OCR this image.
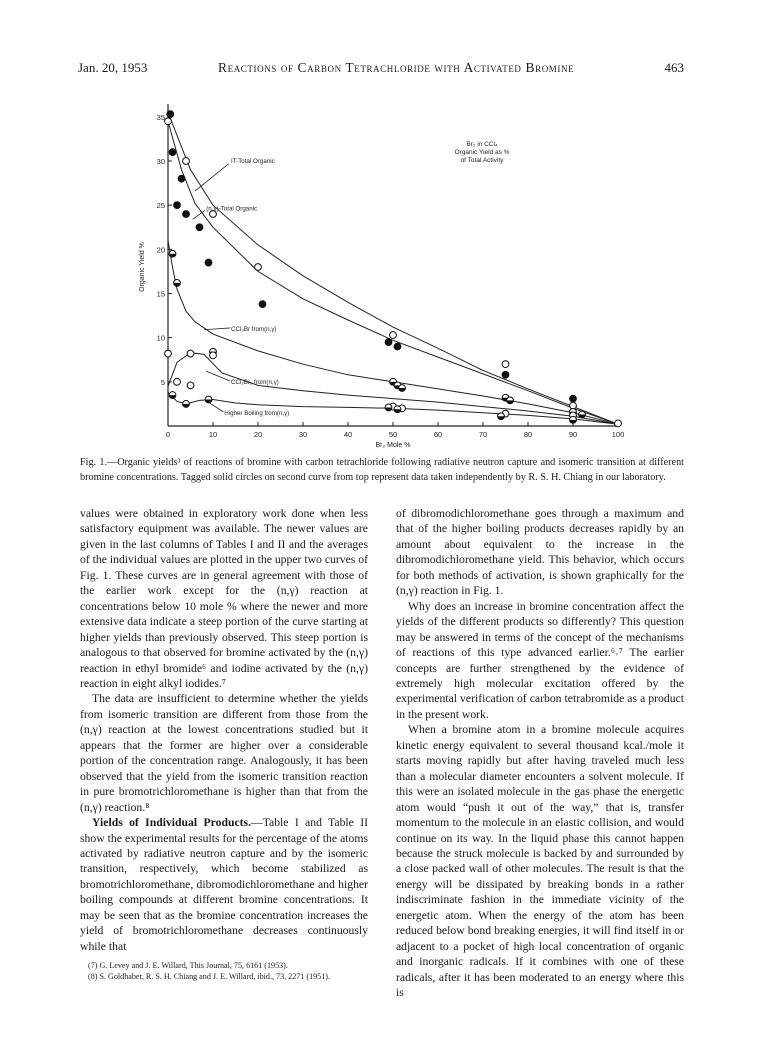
Jan. 20, 1953	Reactions of Carbon Tetrachloride with Activated Bromine	463
0	10	20	30	40	50	60	70	80	90	100
5
10
15
20
25
30
35
Br₂ Mole %
Organic Yield %
Br₂ in CCl₄
Organic Yield as %
of Total Activity
IT-Total Organic
(n,γ)-Total Organic
CCl₃Br from(n,γ)
CCl₂Br₂ from(n,γ)
Higher Boiling from(n,γ)
Fig. 1.—Organic yields³ of reactions of bromine with carbon tetrachloride following radiative neutron capture and isomeric transition at different bromine concentrations. Tagged solid circles on second curve from top represent data taken independently by R. S. H. Chiang in our laboratory.

values were obtained in exploratory work done when less satisfactory equipment was available. The newer values are given in the last columns of Tables I and II and the averages of the individual values are plotted in the upper two curves of Fig. 1. These curves are in general agreement with those of the earlier work except for the (n,γ) reaction at concentrations below 10 mole % where the newer and more extensive data indicate a steep portion of the curve starting at higher yields than previously observed. This steep portion is analogous to that observed for bromine activated by the (n,γ) reaction in ethyl bromide⁶ and iodine activated by the (n,γ) reaction in eight alkyl iodides.⁷

The data are insufficient to determine whether the yields from isomeric transition are different from those from the (n,γ) reaction at the lowest concentrations studied but it appears that the former are higher over a considerable portion of the concentration range. Analogously, it has been observed that the yield from the isomeric transition reaction in pure bromotrichloromethane is higher than that from the (n,γ) reaction.⁸

Yields of Individual Products.—Table I and Table II show the experimental results for the percentage of the atoms activated by radiative neutron capture and by the isomeric transition, respectively, which become stabilized as bromotrichloromethane, dibromodichloromethane and higher boiling compounds at different bromine concentrations. It may be seen that as the bromine concentration increases the yield of bromotrichloromethane decreases continuously while that

(7) G. Levey and J. E. Willard, This Journal, 75, 6161 (1953).
(8) S. Goldhaber, R. S. H. Chiang and J. E. Willard, ibid., 73, 2271 (1951).

of dibromodichloromethane goes through a maximum and that of the higher boiling products decreases rapidly by an amount about equivalent to the increase in the dibromodichloromethane yield. This behavior, which occurs for both methods of activation, is shown graphically for the (n,γ) reaction in Fig. 1.

Why does an increase in bromine concentration affect the yields of the different products so differently? This question may be answered in terms of the concept of the mechanisms of reactions of this type advanced earlier.⁶˒⁷ The earlier concepts are further strengthened by the evidence of extremely high molecular excitation offered by the experimental verification of carbon tetrabromide as a product in the present work.

When a bromine atom in a bromine molecule acquires kinetic energy equivalent to several thousand kcal./mole it starts moving rapidly but after having traveled much less than a molecular diameter encounters a solvent molecule. If this were an isolated molecule in the gas phase the energetic atom would “push it out of the way,” that is, transfer momentum to the molecule in an elastic collision, and would continue on its way. In the liquid phase this cannot happen because the struck molecule is backed by and surrounded by a close packed wall of other molecules. The result is that the energy will be dissipated by breaking bonds in a rather indiscriminate fashion in the immediate vicinity of the energetic atom. When the energy of the atom has been reduced below bond breaking energies, it will find itself in or adjacent to a pocket of high local concentration of organic and inorganic radicals. If it combines with one of these radicals, after it has been moderated to an energy where this is
